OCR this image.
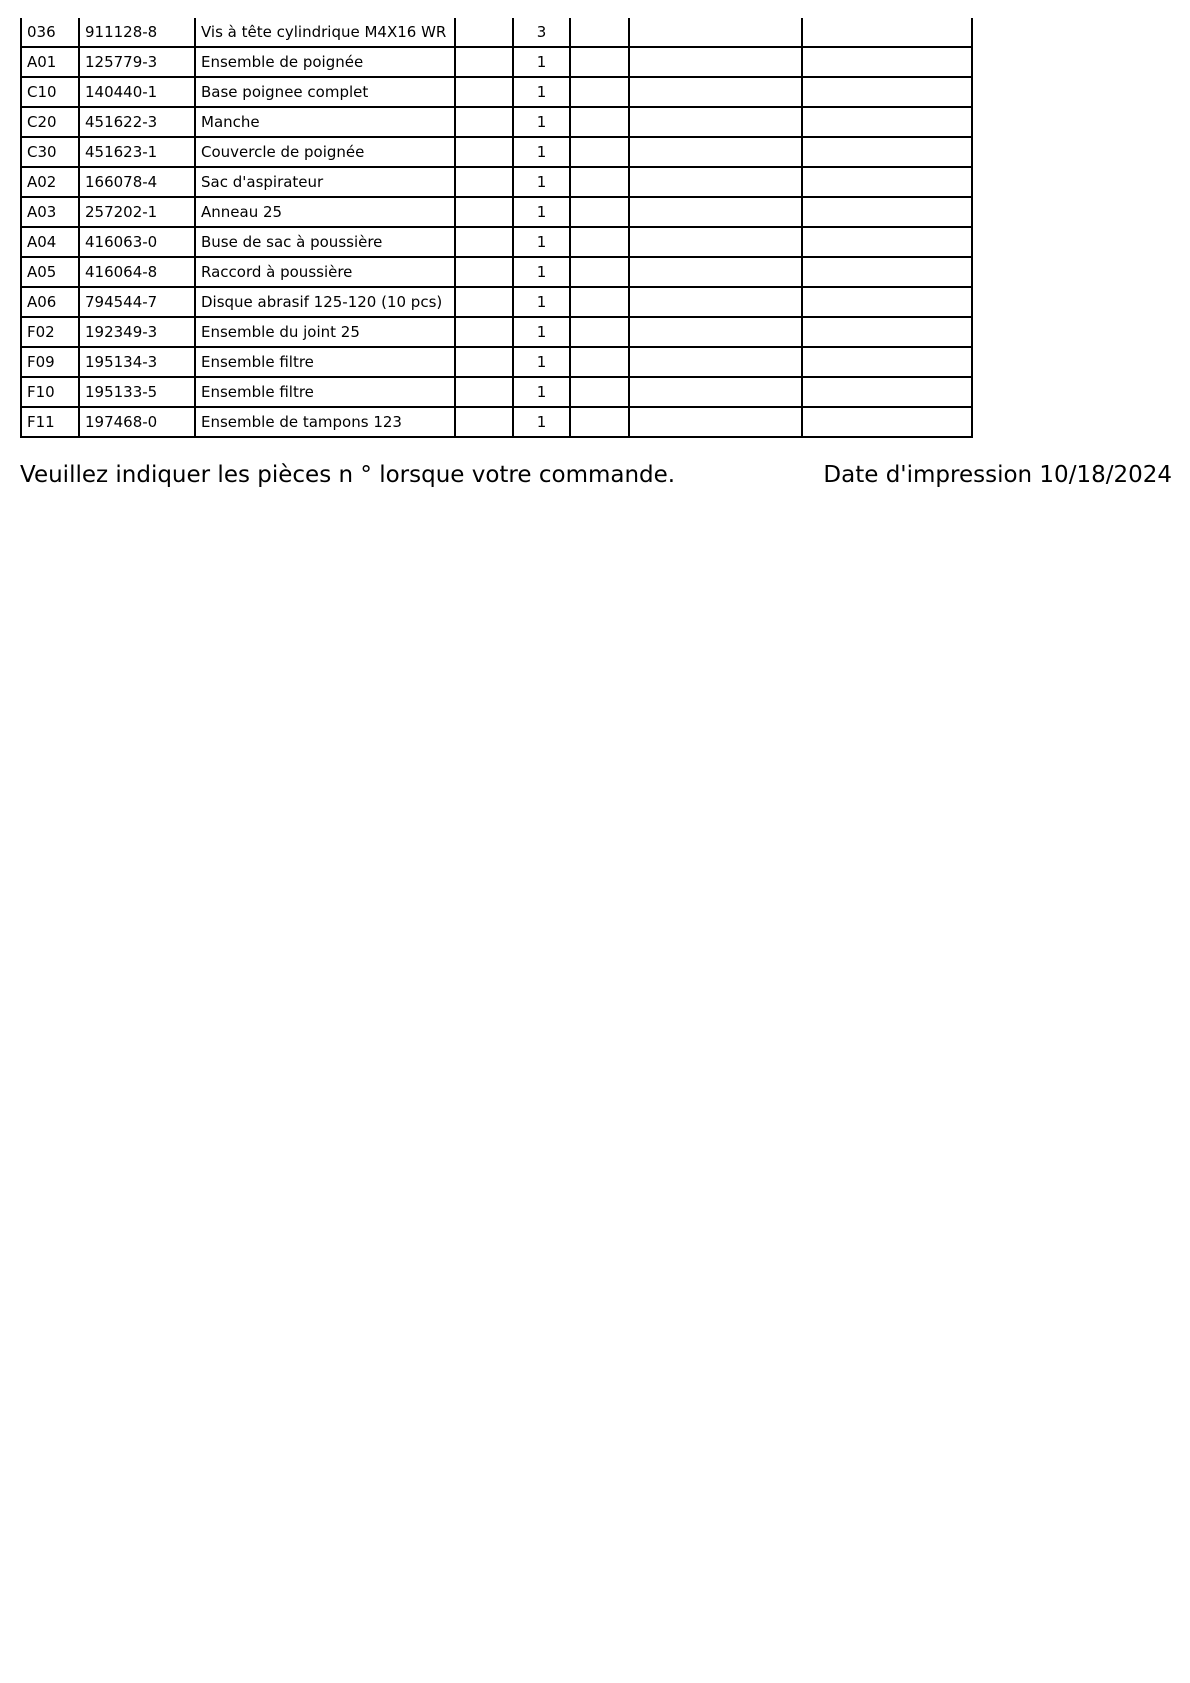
036	911128-8	Vis à tête cylindrique M4X16 WR		3			
A01	125779-3	Ensemble de poignée		1			
C10	140440-1	Base poignee complet		1			
C20	451622-3	Manche		1			
C30	451623-1	Couvercle de poignée		1			
A02	166078-4	Sac d'aspirateur		1			
A03	257202-1	Anneau 25		1			
A04	416063-0	Buse de sac à poussière		1			
A05	416064-8	Raccord à poussière		1			
A06	794544-7	Disque abrasif 125-120 (10 pcs)		1			
F02	192349-3	Ensemble du joint 25		1			
F09	195134-3	Ensemble filtre		1			
F10	195133-5	Ensemble filtre		1			
F11	197468-0	Ensemble de tampons 123		1			
Veuillez indiquer les pièces n ° lorsque votre commande.	Date d'impression 10/18/2024
